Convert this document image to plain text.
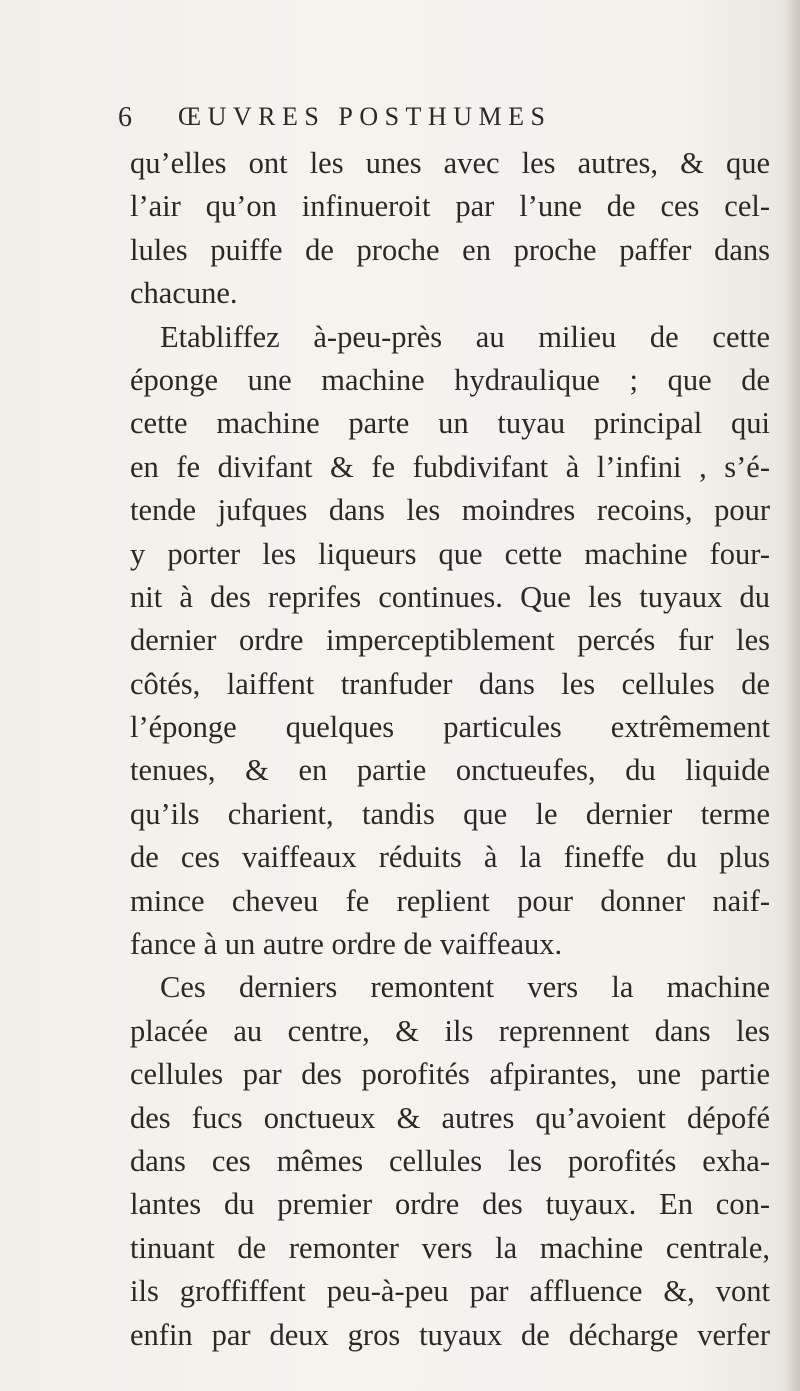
6 ŒUVRES POSTHUMES
qu’elles ont les unes avec les autres, & que
l’air qu’on infinueroit par l’une de ces cel-
lules puiffe de proche en proche paffer dans
chacune.
Etabliffez à-peu-près au milieu de cette
éponge une machine hydraulique ; que de
cette machine parte un tuyau principal qui
en fe divifant & fe fubdivifant à l’infini , s’é-
tende jufques dans les moindres recoins, pour
y porter les liqueurs que cette machine four-
nit à des reprifes continues. Que les tuyaux du
dernier ordre imperceptiblement percés fur les
côtés, laiffent tranfuder dans les cellules de
l’éponge quelques particules extrêmement
tenues, & en partie onctueufes, du liquide
qu’ils charient, tandis que le dernier terme
de ces vaiffeaux réduits à la fineffe du plus
mince cheveu fe replient pour donner naif-
fance à un autre ordre de vaiffeaux.
Ces derniers remontent vers la machine
placée au centre, & ils reprennent dans les
cellules par des porofités afpirantes, une partie
des fucs onctueux & autres qu’avoient dépofé
dans ces mêmes cellules les porofités exha-
lantes du premier ordre des tuyaux. En con-
tinuant de remonter vers la machine centrale,
ils groffiffent peu-à-peu par affluence &, vont
enfin par deux gros tuyaux de décharge verfer
